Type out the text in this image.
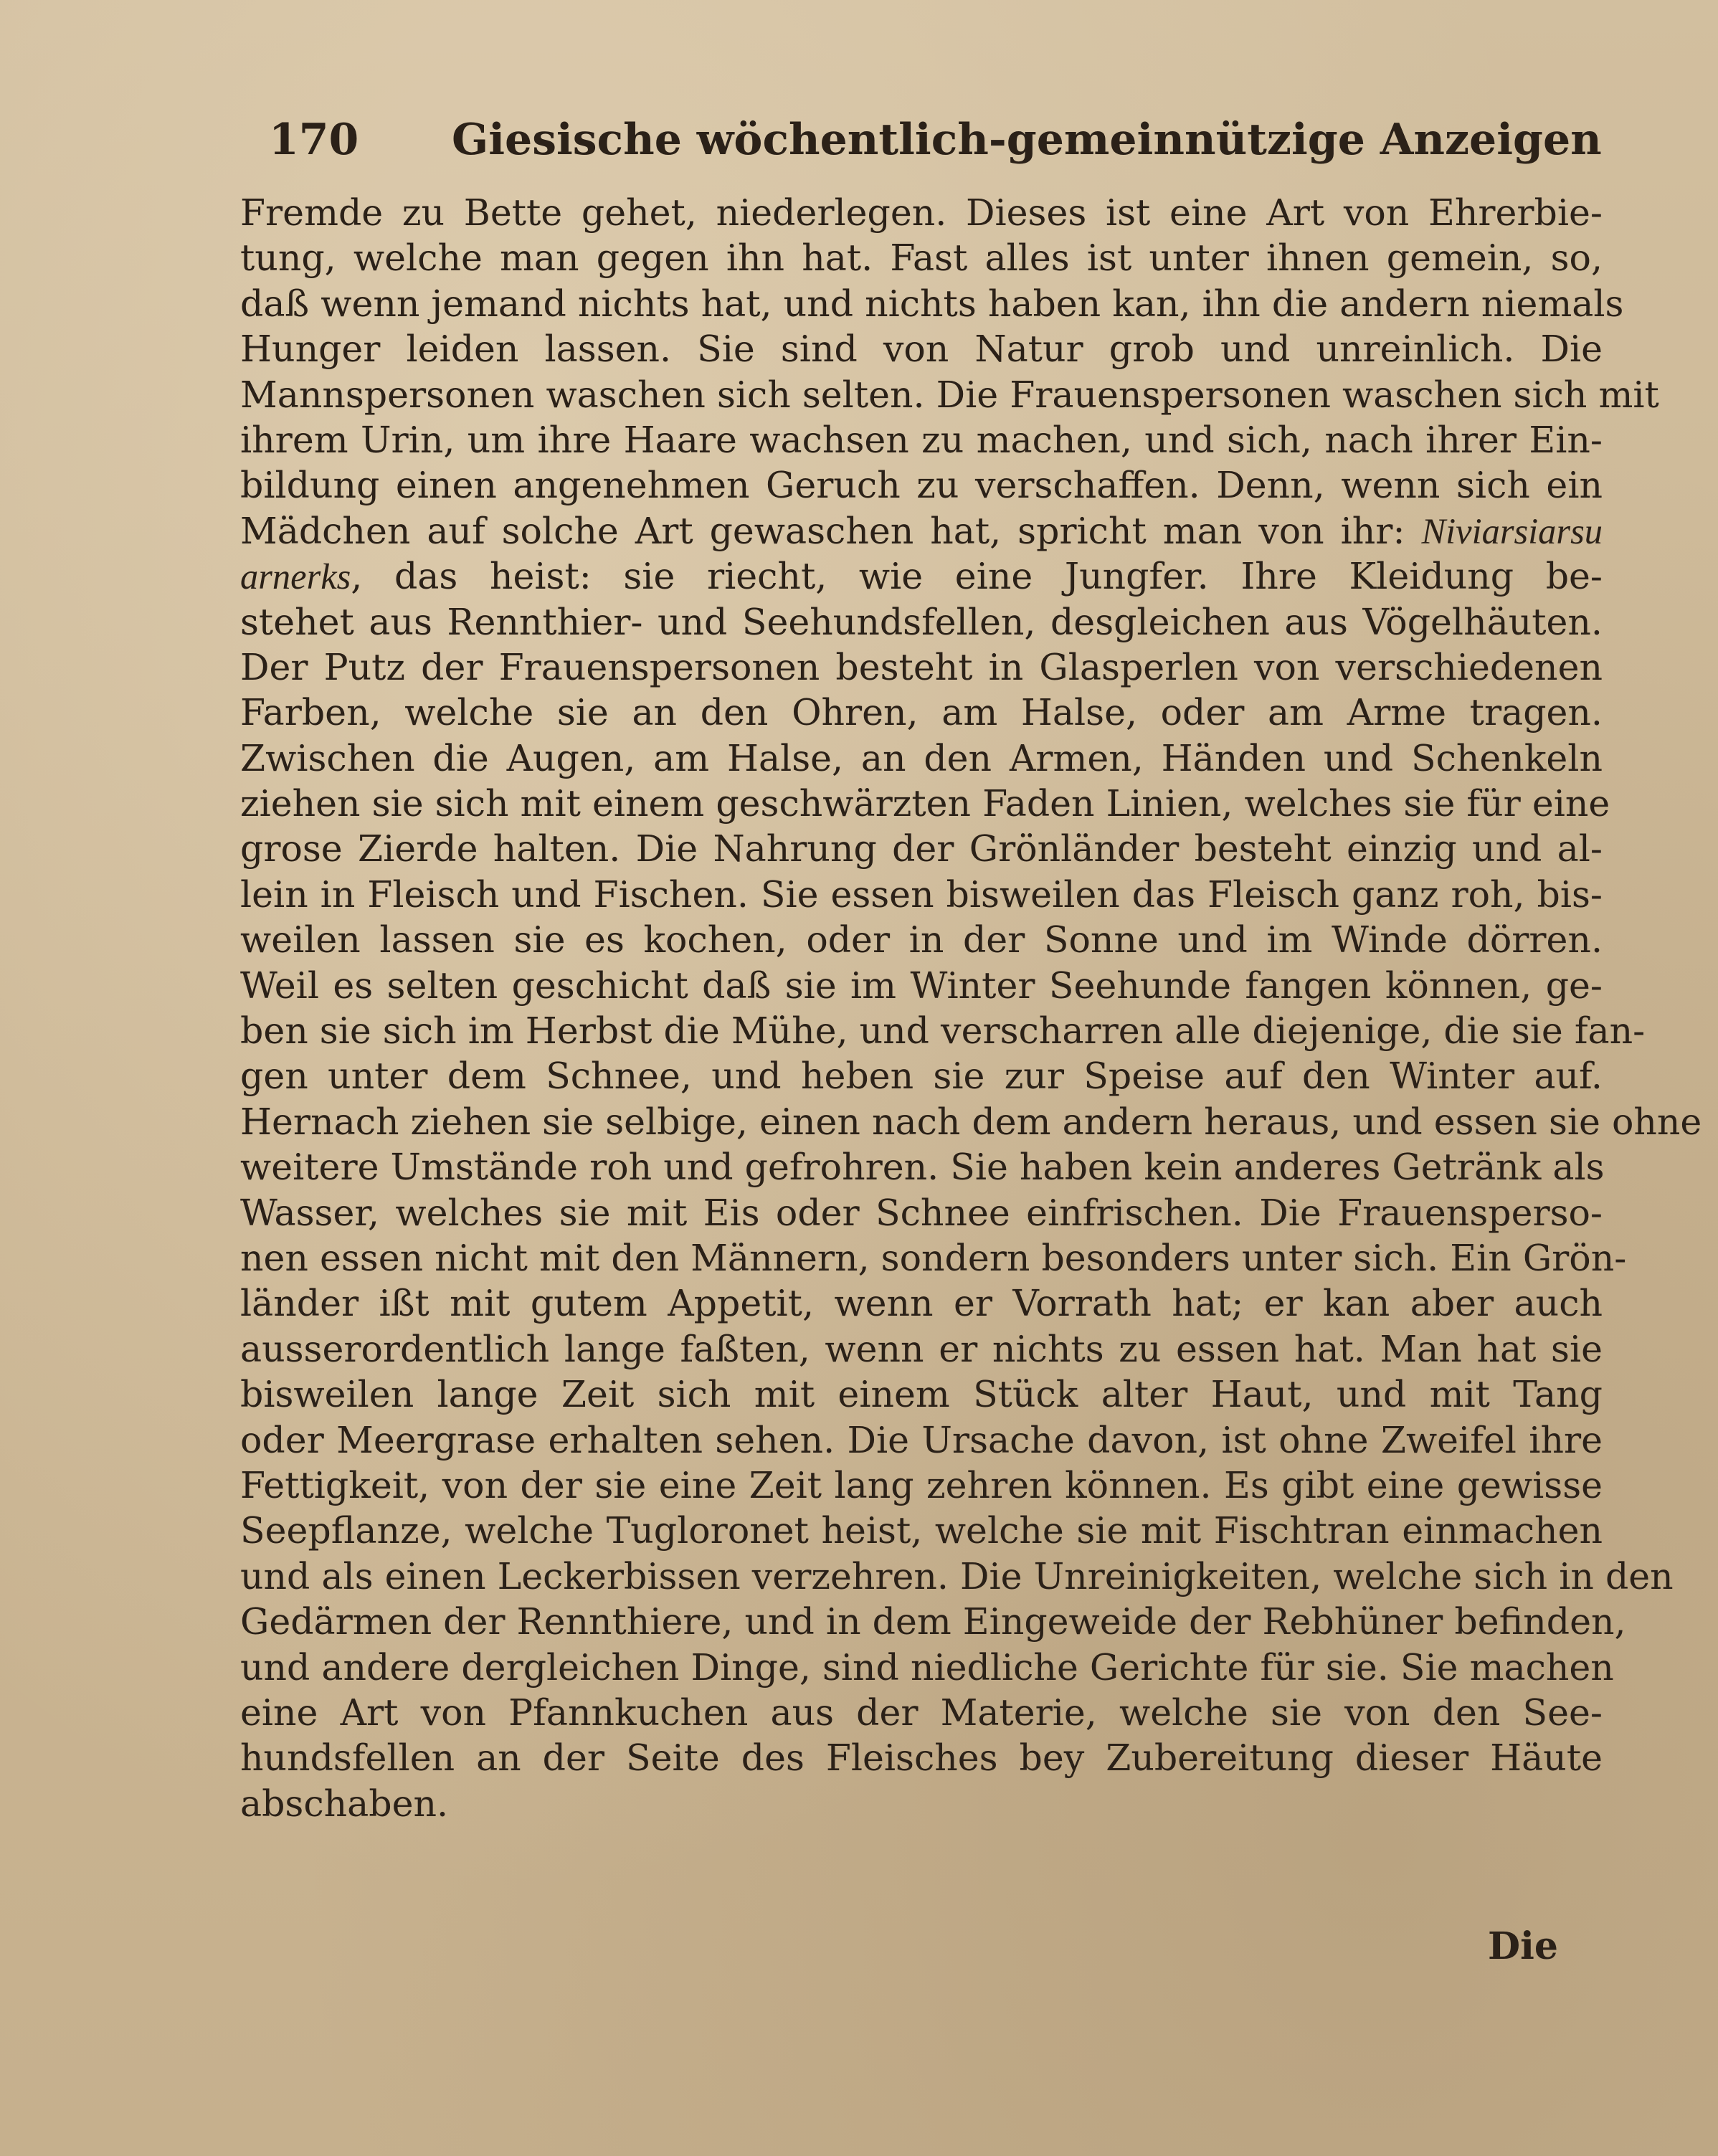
170 Giesische wöchentlich-gemeinnützige Anzeigen
Fremde zu Bette gehet, niederlegen. Dieses ist eine Art von Ehrerbie-
tung, welche man gegen ihn hat. Fast alles ist unter ihnen gemein, so,
daß wenn jemand nichts hat, und nichts haben kan, ihn die andern niemals
Hunger leiden lassen. Sie sind von Natur grob und unreinlich. Die
Mannspersonen waschen sich selten. Die Frauenspersonen waschen sich mit
ihrem Urin, um ihre Haare wachsen zu machen, und sich, nach ihrer Ein-
bildung einen angenehmen Geruch zu verschaffen. Denn, wenn sich ein
Mädchen auf solche Art gewaschen hat, spricht man von ihr: Niviarsiarsu
arnerks, das heist: sie riecht, wie eine Jungfer. Ihre Kleidung be-
stehet aus Rennthier- und Seehundsfellen, desgleichen aus Vögelhäuten.
Der Putz der Frauenspersonen besteht in Glasperlen von verschiedenen
Farben, welche sie an den Ohren, am Halse, oder am Arme tragen.
Zwischen die Augen, am Halse, an den Armen, Händen und Schenkeln
ziehen sie sich mit einem geschwärzten Faden Linien, welches sie für eine
grose Zierde halten. Die Nahrung der Grönländer besteht einzig und al-
lein in Fleisch und Fischen. Sie essen bisweilen das Fleisch ganz roh, bis-
weilen lassen sie es kochen, oder in der Sonne und im Winde dörren.
Weil es selten geschicht daß sie im Winter Seehunde fangen können, ge-
ben sie sich im Herbst die Mühe, und verscharren alle diejenige, die sie fan-
gen unter dem Schnee, und heben sie zur Speise auf den Winter auf.
Hernach ziehen sie selbige, einen nach dem andern heraus, und essen sie ohne
weitere Umstände roh und gefrohren. Sie haben kein anderes Getränk als
Wasser, welches sie mit Eis oder Schnee einfrischen. Die Frauensperso-
nen essen nicht mit den Männern, sondern besonders unter sich. Ein Grön-
länder ißt mit gutem Appetit, wenn er Vorrath hat; er kan aber auch
ausserordentlich lange faßten, wenn er nichts zu essen hat. Man hat sie
bisweilen lange Zeit sich mit einem Stück alter Haut, und mit Tang
oder Meergrase erhalten sehen. Die Ursache davon, ist ohne Zweifel ihre
Fettigkeit, von der sie eine Zeit lang zehren können. Es gibt eine gewisse
Seepflanze, welche Tugloronet heist, welche sie mit Fischtran einmachen
und als einen Leckerbissen verzehren. Die Unreinigkeiten, welche sich in den
Gedärmen der Rennthiere, und in dem Eingeweide der Rebhüner befinden,
und andere dergleichen Dinge, sind niedliche Gerichte für sie. Sie machen
eine Art von Pfannkuchen aus der Materie, welche sie von den See-
hundsfellen an der Seite des Fleisches bey Zubereitung dieser Häute
abschaben.
Die
